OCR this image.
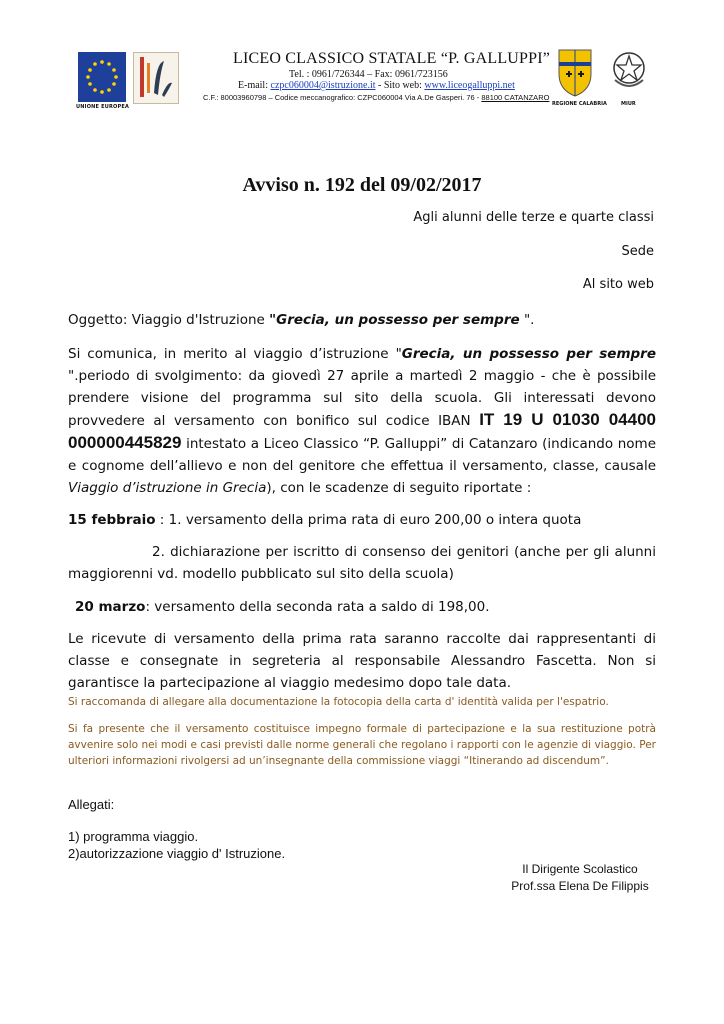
UNIONE EUROPEA
LICEO CLASSICO STATALE “P. GALLUPPI”
Tel. : 0961/726344 – Fax: 0961/723156
E-mail: czpc060004@istruzione.it - Sito web: www.liceogalluppi.net
C.F.: 80003960798 – Codice meccanografico: CZPC060004 Via A.De Gasperi. 76 - 88100 CATANZARO
REGIONE CALABRIA	MIUR
Avviso n. 192 del 09/02/2017
Agli alunni delle terze e quarte classi
Sede
Al sito web
Oggetto: Viaggio d'Istruzione "Grecia, un possesso per sempre ".
Si comunica, in merito al viaggio d’istruzione "Grecia, un possesso per sempre ".periodo di svolgimento: da giovedì 27 aprile a martedì 2 maggio - che è possibile prendere visione del programma sul sito della scuola. Gli interessati devono provvedere al versamento con bonifico sul codice IBAN IT 19 U 01030 04400 000000445829 intestato a Liceo Classico “P. Galluppi” di Catanzaro (indicando nome e cognome dell’allievo e non del genitore che effettua il versamento, classe, causale Viaggio d’istruzione in Grecia), con le scadenze di seguito riportate :
15 febbraio : 1. versamento della prima rata di euro 200,00 o intera quota
2. dichiarazione per iscritto di consenso dei genitori (anche per gli alunni maggiorenni vd. modello pubblicato sul sito della scuola)
20 marzo: versamento della seconda rata a saldo di 198,00.
Le ricevute di versamento della prima rata saranno raccolte dai rappresentanti di classe e consegnate in segreteria al responsabile Alessandro Fascetta. Non si garantisce la partecipazione al viaggio medesimo dopo tale data.
Si raccomanda di allegare alla documentazione la fotocopia della carta d' identità valida per l'espatrio.
Si fa presente che il versamento costituisce impegno formale di partecipazione e la sua restituzione potrà avvenire solo nei modi e casi previsti dalle norme generali che regolano i rapporti con le agenzie di viaggio. Per ulteriori informazioni rivolgersi ad un’insegnante della commissione viaggi “Itinerando ad discendum”.
Allegati:
1) programma viaggio.
2)autorizzazione viaggio d' Istruzione.
Il Dirigente Scolastico
Prof.ssa Elena De Filippis
